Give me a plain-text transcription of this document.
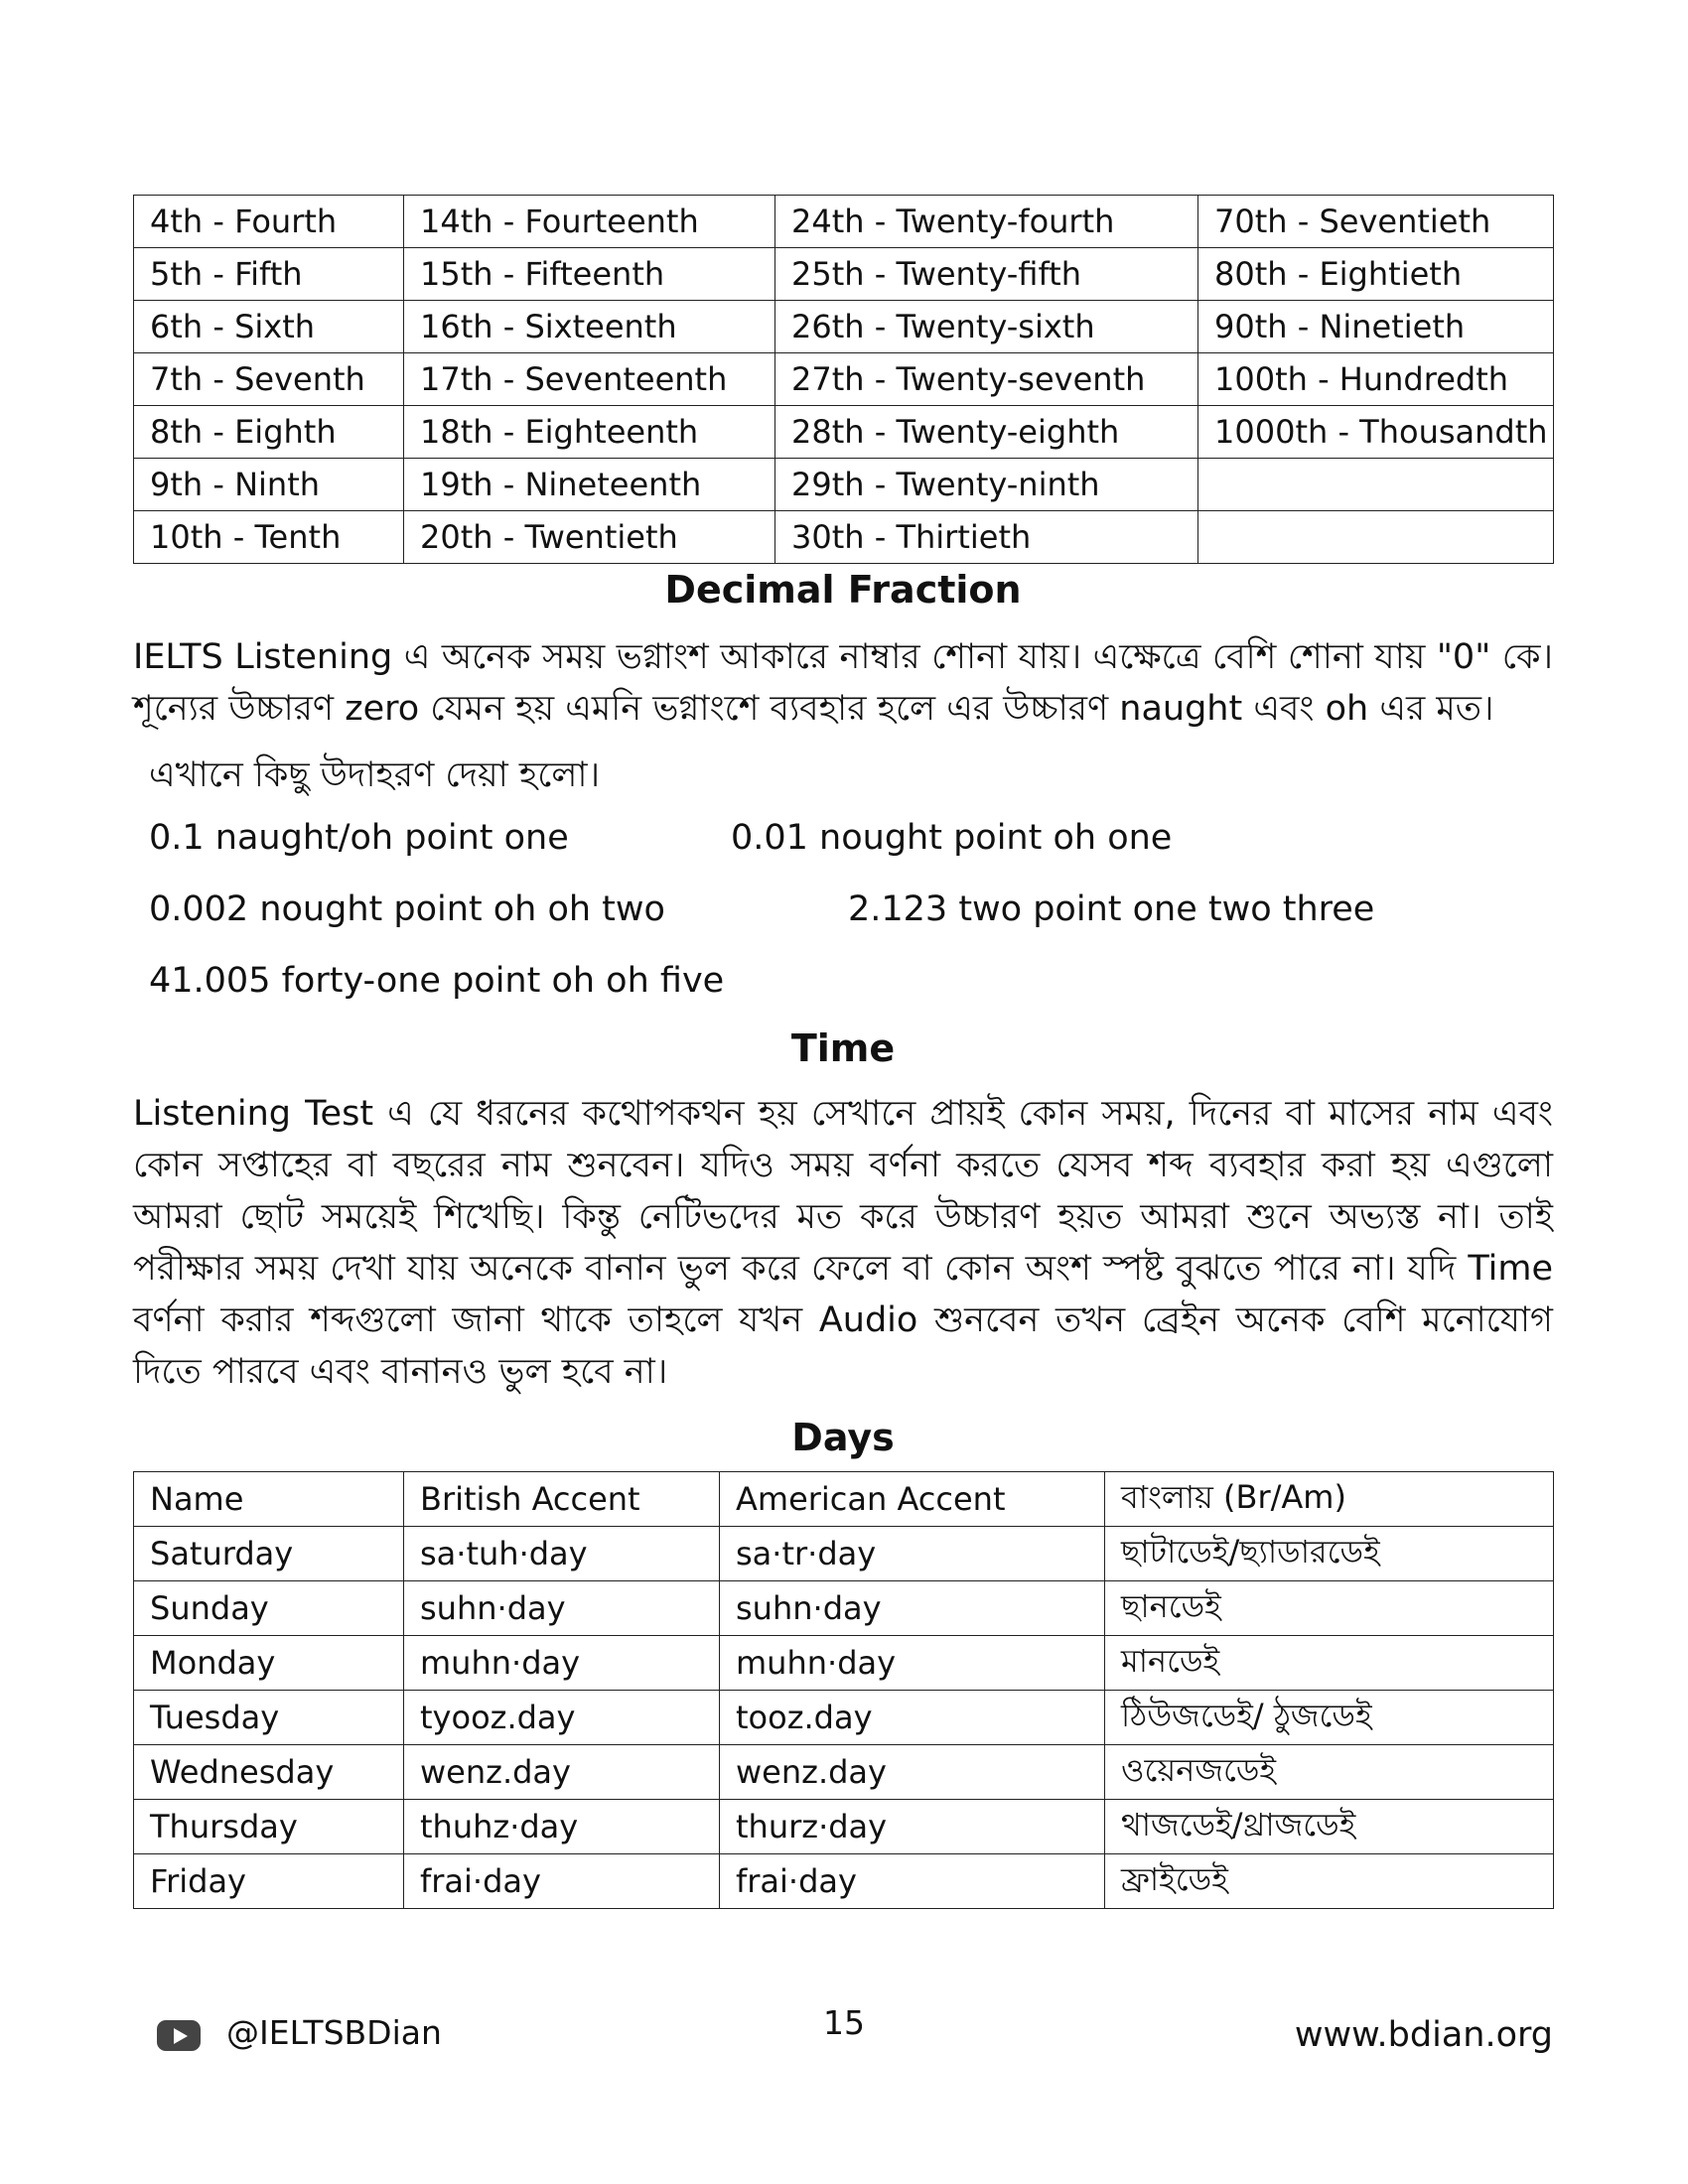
4th - Fourth	14th - Fourteenth	24th - Twenty-fourth	70th - Seventieth
5th - Fifth	15th - Fifteenth	25th - Twenty-fifth	80th - Eightieth
6th - Sixth	16th - Sixteenth	26th - Twenty-sixth	90th - Ninetieth
7th - Seventh	17th - Seventeenth	27th - Twenty-seventh	100th - Hundredth
8th - Eighth	18th - Eighteenth	28th - Twenty-eighth	1000th - Thousandth
9th - Ninth	19th - Nineteenth	29th - Twenty-ninth	
10th - Tenth	20th - Twentieth	30th - Thirtieth	
Decimal Fraction

IELTS Listening এ অনেক সময় ভগ্নাংশ আকারে নাম্বার শোনা যায়। এক্ষেত্রে বেশি শোনা যায় "0" কে। শূন্যের উচ্চারণ zero যেমন হয় এমনি ভগ্নাংশে ব্যবহার হলে এর উচ্চারণ naught এবং oh এর মত।

এখানে কিছু উদাহরণ দেয়া হলো।
0.1 naught/oh point one	0.01 nought point oh one
0.002 nought point oh oh two	2.123 two point one two three
41.005 forty-one point oh oh five
Time

Listening Test এ যে ধরনের কথোপকথন হয় সেখানে প্রায়ই কোন সময়, দিনের বা মাসের নাম এবং কোন সপ্তাহের বা বছরের নাম শুনবেন। যদিও সময় বর্ণনা করতে যেসব শব্দ ব্যবহার করা হয় এগুলো আমরা ছোট সময়েই শিখেছি। কিন্তু নেটিভদের মত করে উচ্চারণ হয়ত আমরা শুনে অভ্যস্ত না। তাই পরীক্ষার সময় দেখা যায় অনেকে বানান ভুল করে ফেলে বা কোন অংশ স্পষ্ট বুঝতে পারে না। যদি Time বর্ণনা করার শব্দগুলো জানা থাকে তাহলে যখন Audio শুনবেন তখন ব্রেইন অনেক বেশি মনোযোগ দিতে পারবে এবং বানানও ভুল হবে না।

Days
Name	British Accent	American Accent	বাংলায় (Br/Am)
Saturday	sa·tuh·day	sa·tr·day	ছাটাডেই/ছ্যাডারডেই
Sunday	suhn·day	suhn·day	ছানডেই
Monday	muhn·day	muhn·day	মানডেই
Tuesday	tyooz.day	tooz.day	ঠিউজডেই/ ঠুজডেই
Wednesday	wenz.day	wenz.day	ওয়েনজডেই
Thursday	thuhz·day	thurz·day	থাজডেই/থ্রাজডেই
Friday	frai·day	frai·day	ফ্রাইডেই
@IELTSBDian	15	www.bdian.org
